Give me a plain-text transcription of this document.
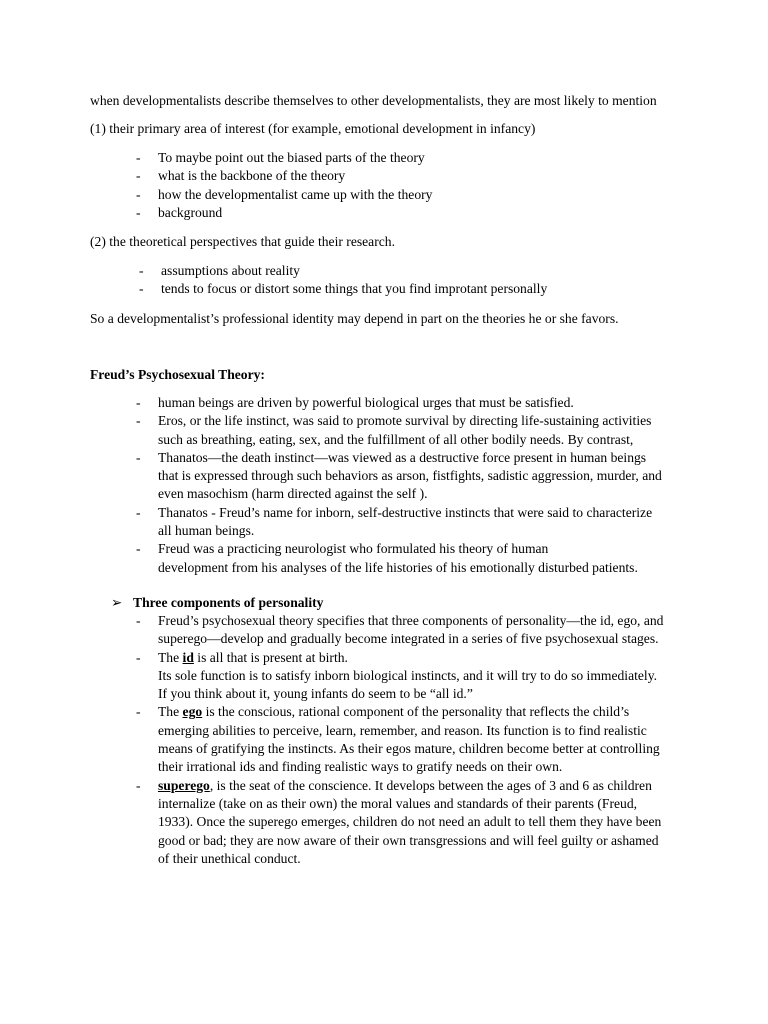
when developmentalists describe themselves to other developmentalists, they are most likely to mention
(1) their primary area of interest (for example, emotional development in infancy)
- To maybe point out the biased parts of the theory
- what is the backbone of the theory
- how the developmentalist came up with the theory
- background
(2) the theoretical perspectives that guide their research.
- assumptions about reality
- tends to focus or distort some things that you find improtant personally
So a developmentalist’s professional identity may depend in part on the theories he or she favors.
Freud’s Psychosexual Theory:
- human beings are driven by powerful biological urges that must be satisfied.
- Eros, or the life instinct, was said to promote survival by directing life-sustaining activities
such as breathing, eating, sex, and the fulfillment of all other bodily needs. By contrast,
- Thanatos—the death instinct—was viewed as a destructive force present in human beings
that is expressed through such behaviors as arson, fistfights, sadistic aggression, murder, and
even masochism (harm directed against the self ).
- Thanatos - Freud’s name for inborn, self-destructive instincts that were said to characterize
all human beings.
- Freud was a practicing neurologist who formulated his theory of human
development from his analyses of the life histories of his emotionally disturbed patients.
➢ Three components of personality
- Freud’s psychosexual theory specifies that three components of personality—the id, ego, and
superego—develop and gradually become integrated in a series of five psychosexual stages.
- The id is all that is present at birth.
Its sole function is to satisfy inborn biological instincts, and it will try to do so immediately.
If you think about it, young infants do seem to be “all id.”
- The ego is the conscious, rational component of the personality that reflects the child’s
emerging abilities to perceive, learn, remember, and reason. Its function is to find realistic
means of gratifying the instincts. As their egos mature, children become better at controlling
their irrational ids and finding realistic ways to gratify needs on their own.
- superego, is the seat of the conscience. It develops between the ages of 3 and 6 as children
internalize (take on as their own) the moral values and standards of their parents (Freud,
1933). Once the superego emerges, children do not need an adult to tell them they have been
good or bad; they are now aware of their own transgressions and will feel guilty or ashamed
of their unethical conduct.
